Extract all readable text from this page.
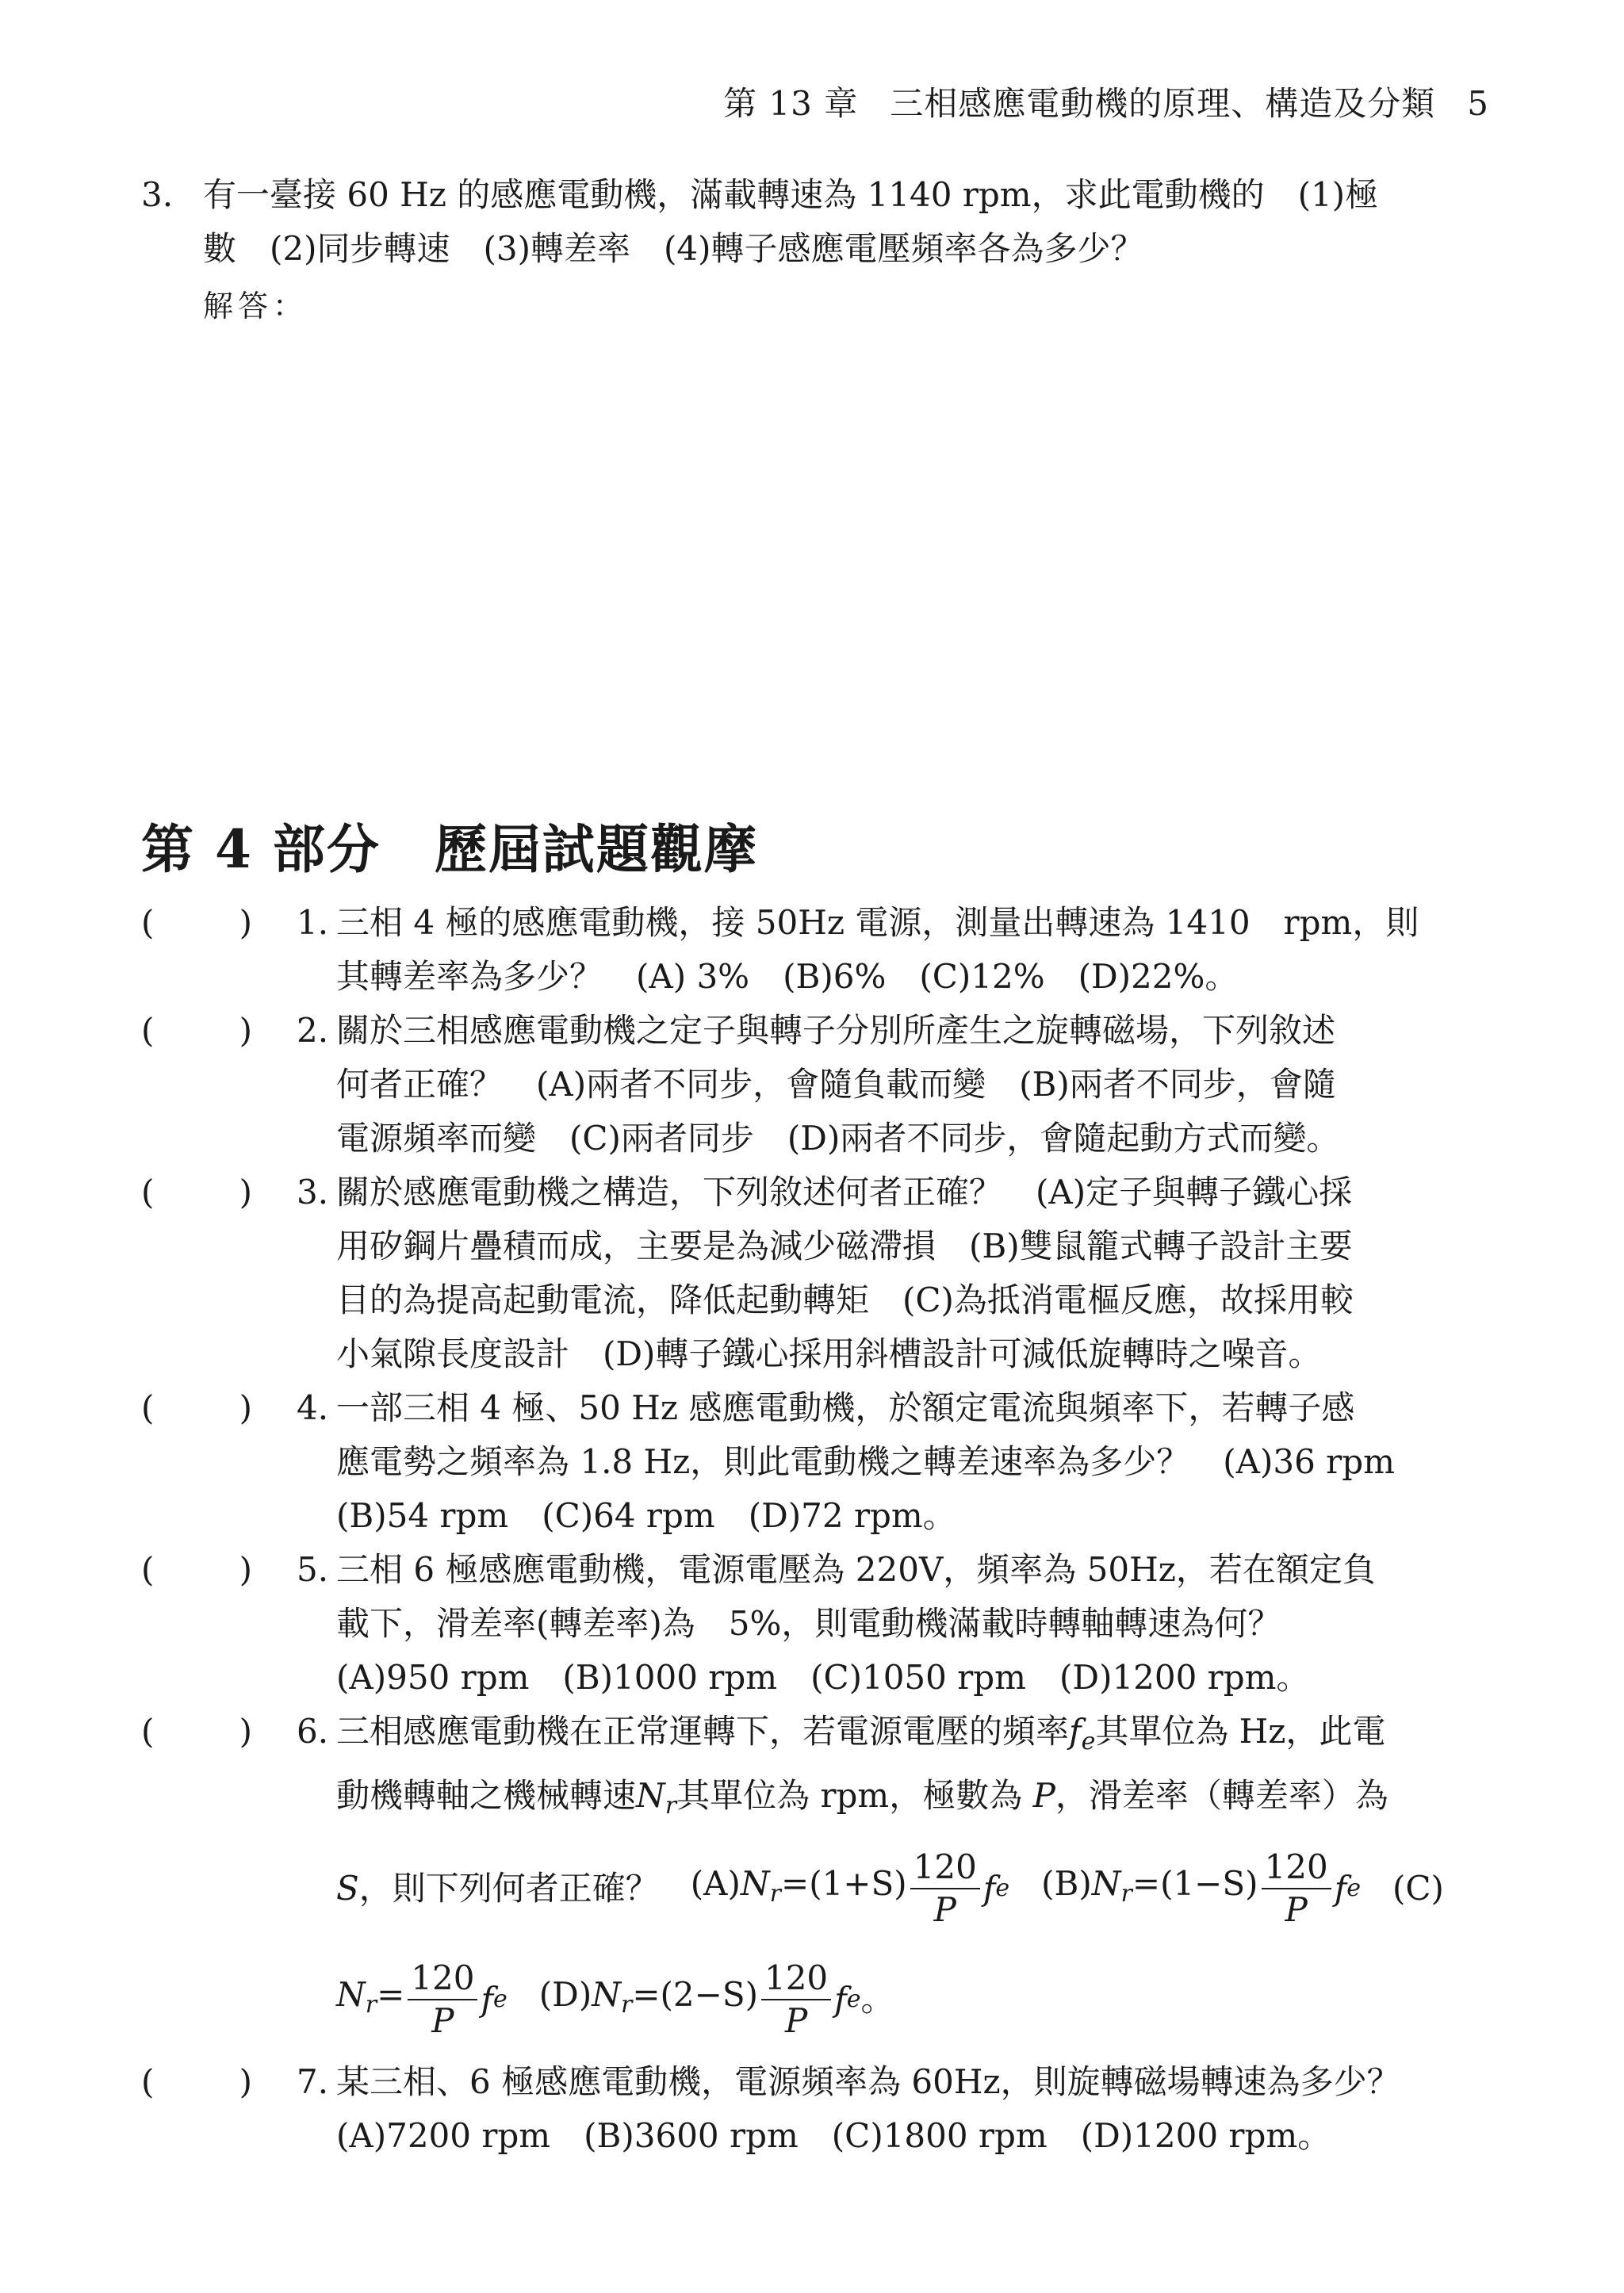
第 13 章 三相感應電動機的原理、構造及分類 5
3. 有一臺接 60 Hz 的感應電動機，滿載轉速為 1140 rpm，求此電動機的　(1)極
數　(2)同步轉速　(3)轉差率　(4)轉子感應電壓頻率各為多少？
解答：
第 4 部分　歷屆試題觀摩
(	) 1. 三相 4 極的感應電動機，接 50Hz 電源，測量出轉速為 1410　rpm，則
其轉差率為多少？　(A) 3%　(B)6%　(C)12%　(D)22%。
(	) 2. 關於三相感應電動機之定子與轉子分別所產生之旋轉磁場，下列敘述
何者正確？　(A)兩者不同步，會隨負載而變　(B)兩者不同步，會隨
電源頻率而變　(C)兩者同步　(D)兩者不同步，會隨起動方式而變。
(	) 3. 關於感應電動機之構造，下列敘述何者正確？　(A)定子與轉子鐵心採
用矽鋼片疊積而成，主要是為減少磁滯損　(B)雙鼠籠式轉子設計主要
目的為提高起動電流，降低起動轉矩　(C)為抵消電樞反應，故採用較
小氣隙長度設計　(D)轉子鐵心採用斜槽設計可減低旋轉時之噪音。
(	) 4. 一部三相 4 極、50 Hz 感應電動機，於額定電流與頻率下，若轉子感
應電勢之頻率為 1.8 Hz，則此電動機之轉差速率為多少？　(A)36 rpm
(B)54 rpm　(C)64 rpm　(D)72 rpm。
(	) 5. 三相 6 極感應電動機，電源電壓為 220V，頻率為 50Hz，若在額定負
載下，滑差率(轉差率)為　5%，則電動機滿載時轉軸轉速為何？
(A)950 rpm　(B)1000 rpm　(C)1050 rpm　(D)1200 rpm。
(	) 6. 三相感應電動機在正常運轉下，若電源電壓的頻率$f_e$其單位為 Hz，此電
動機轉軸之機械轉速$N_r$其單位為 rpm，極數為 P，滑差率（轉差率）為
S ，則下列何者正確？ $(A)N_r=(1+S) \frac{120}{P}$ f e $(B)N_r=(1-S) \frac{120}{P}$ f e (C)
$N_r= \frac{120}{P}$ f e $(D)N_r=(2-S) \frac{120}{P}$ f e 。
(	) 7. 某三相、6 極感應電動機，電源頻率為 60Hz，則旋轉磁場轉速為多少？
(A)7200 rpm　(B)3600 rpm　(C)1800 rpm　(D)1200 rpm。
